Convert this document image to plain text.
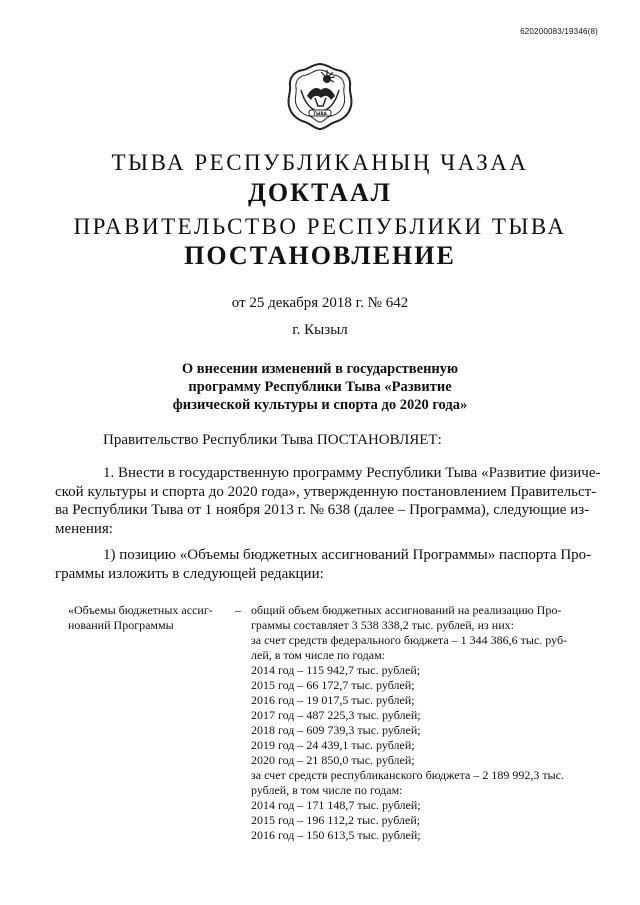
620200083/19346(8)
ТЫВА
ТЫВА РЕСПУБЛИКАНЫҢ ЧАЗАА
ДОКТААЛ
ПРАВИТЕЛЬСТВО РЕСПУБЛИКИ ТЫВА
ПОСТАНОВЛЕНИЕ
от 25 декабря 2018 г. № 642
г. Кызыл
О внесении изменений в государственную
программу Республики Тыва «Развитие
физической культуры и спорта до 2020 года»
Правительство Республики Тыва ПОСТАНОВЛЯЕТ:
1. Внести в государственную программу Республики Тыва «Развитие физиче-
ской культуры и спорта до 2020 года», утвержденную постановлением Правительст-
ва Республики Тыва от 1 ноября 2013 г. № 638 (далее – Программа), следующие из-
менения:
1) позицию «Объемы бюджетных ассигнований Программы» паспорта Про-
граммы изложить в следующей редакции:
«Объемы бюджетных ассиг-
нований Программы
– общий объем бюджетных ассигнований на реализацию Про-
граммы составляет 3 538 338,2 тыс. рублей, из них:
за счет средств федерального бюджета – 1 344 386,6 тыс. руб-
лей, в том числе по годам:
2014 год – 115 942,7 тыс. рублей;
2015 год – 66 172,7 тыс. рублей;
2016 год – 19 017,5 тыс. рублей;
2017 год – 487 225,3 тыс. рублей;
2018 год – 609 739,3 тыс. рублей;
2019 год – 24 439,1 тыс. рублей;
2020 год – 21 850,0 тыс. рублей;
за счет средств республиканского бюджета – 2 189 992,3 тыс.
рублей, в том числе по годам:
2014 год – 171 148,7 тыс. рублей;
2015 год – 196 112,2 тыс. рублей;
2016 год – 150 613,5 тыс. рублей;
